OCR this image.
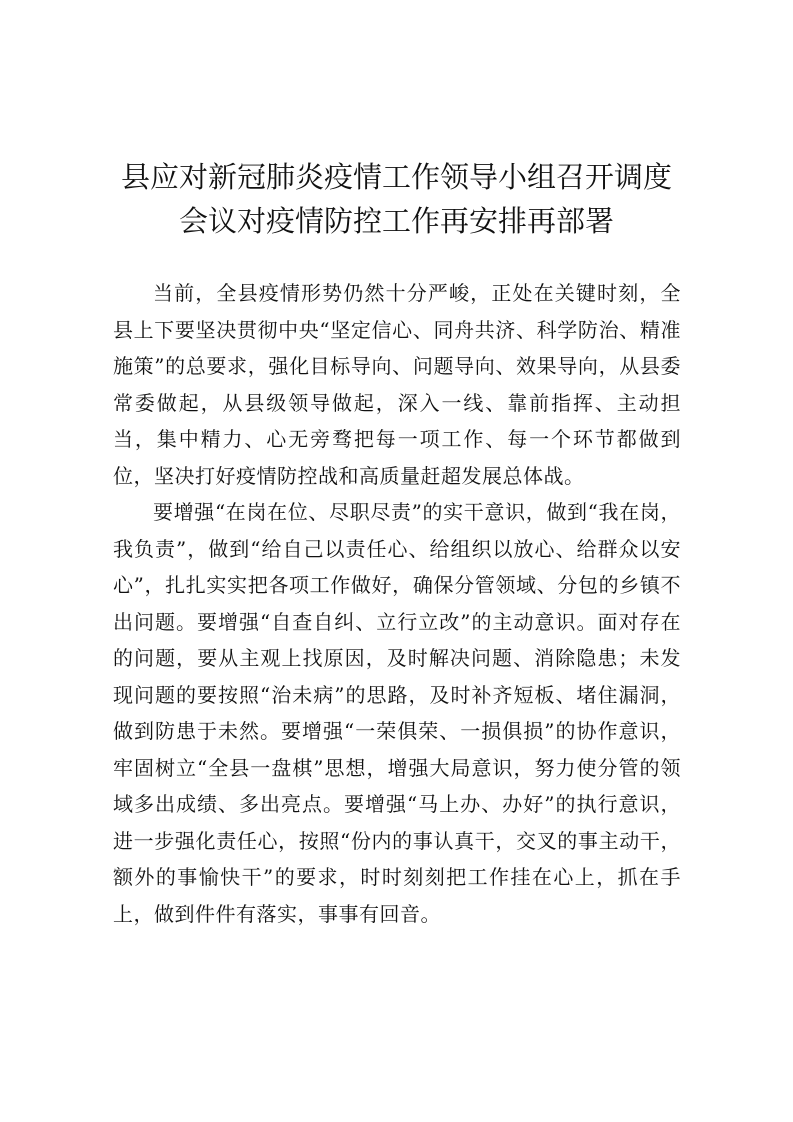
县应对新冠肺炎疫情工作领导小组召开调度
会议对疫情防控工作再安排再部署

当前，全县疫情形势仍然十分严峻，正处在关键时刻，全县上下要坚决贯彻中央“坚定信心、同舟共济、科学防治、精准施策”的总要求，强化目标导向、问题导向、效果导向，从县委常委做起，从县级领导做起，深入一线、靠前指挥、主动担当，集中精力、心无旁骛把每一项工作、每一个环节都做到位，坚决打好疫情防控战和高质量赶超发展总体战。

要增强“在岗在位、尽职尽责”的实干意识，做到“我在岗，我负责”，做到“给自己以责任心、给组织以放心、给群众以安心”，扎扎实实把各项工作做好，确保分管领域、分包的乡镇不出问题。要增强“自查自纠、立行立改”的主动意识。面对存在的问题，要从主观上找原因，及时解决问题、消除隐患；未发现问题的要按照“治未病”的思路，及时补齐短板、堵住漏洞，做到防患于未然。要增强“一荣俱荣、一损俱损”的协作意识，牢固树立“全县一盘棋”思想，增强大局意识，努力使分管的领域多出成绩、多出亮点。要增强“马上办、办好”的执行意识，进一步强化责任心，按照“份内的事认真干，交叉的事主动干，额外的事愉快干”的要求，时时刻刻把工作挂在心上，抓在手上，做到件件有落实，事事有回音。
